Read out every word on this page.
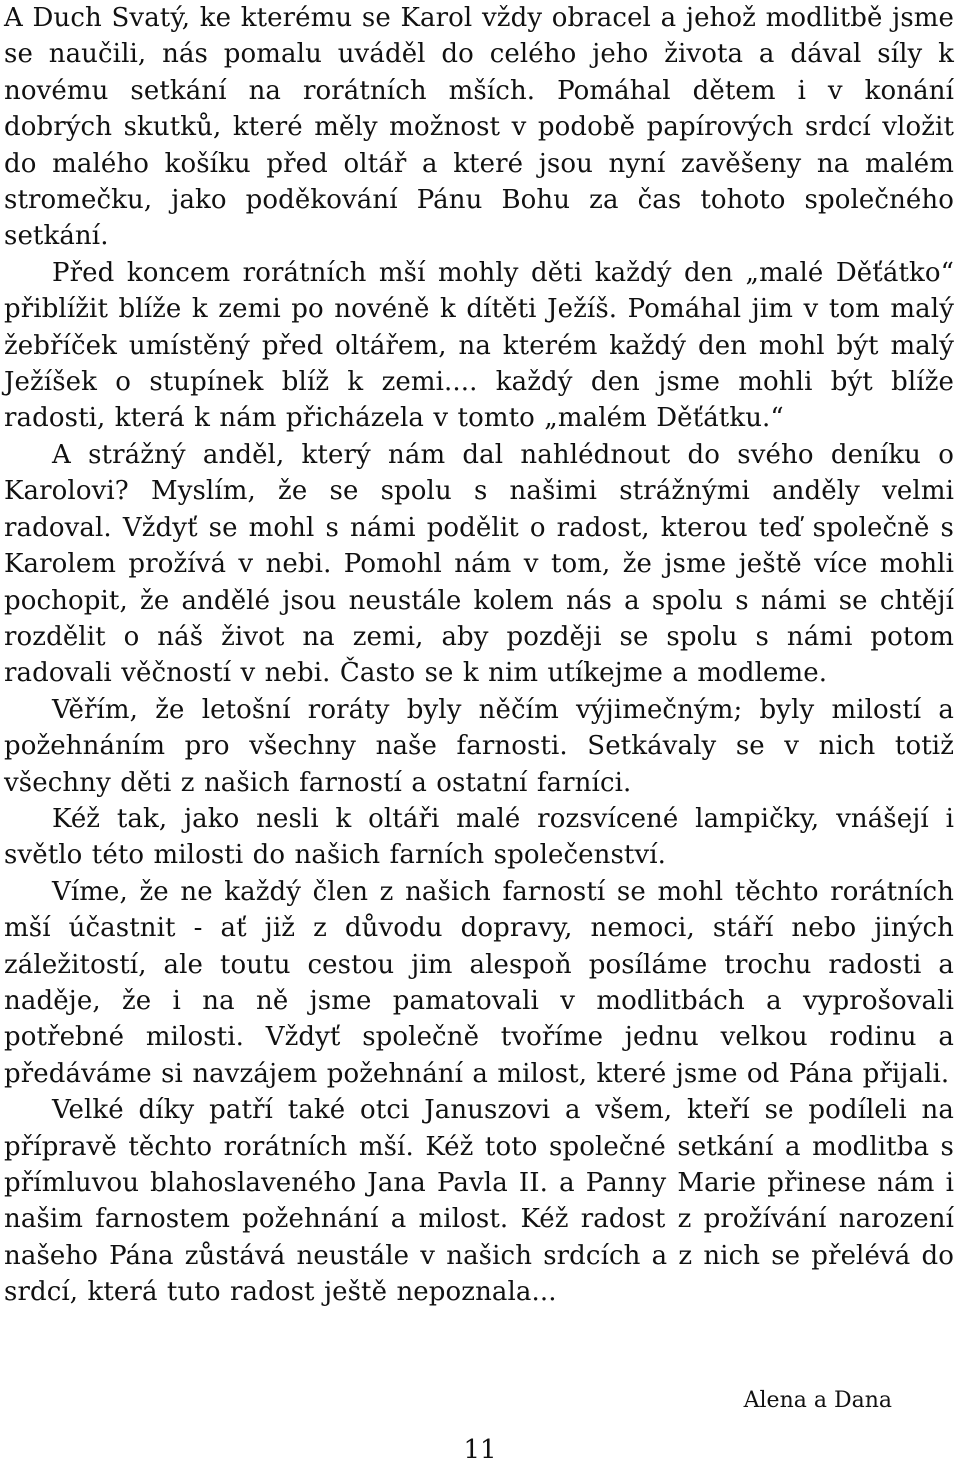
A Duch Svatý, ke kterému se Karol vždy obracel a jehož modlitbě jsme se naučili, nás pomalu uváděl do celého jeho života a dával síly k novému setkání na rorátních mších. Pomáhal dětem i v konání dobrých skutků, které měly možnost v podobě papírových srdcí vložit do malého košíku před oltář a které jsou nyní zavěšeny na malém stromečku, jako poděkování Pánu Bohu za čas tohoto společného setkání.

Před koncem rorátních mší mohly děti každý den „malé Děťátko“ přiblížit blíže k zemi po novéně k dítěti Ježíš. Pomáhal jim v tom malý žebříček umístěný před oltářem, na kterém každý den mohl být malý Ježíšek o stupínek blíž k zemi.... každý den jsme mohli být blíže radosti, která k nám přicházela v tomto „malém Děťátku.“

A strážný anděl, který nám dal nahlédnout do svého deníku o Karolovi? Myslím, že se spolu s našimi strážnými anděly velmi radoval. Vždyť se mohl s námi podělit o radost, kterou teď společně s Karolem prožívá v nebi. Pomohl nám v tom, že jsme ještě více mohli pochopit, že andělé jsou neustále kolem nás a spolu s námi se chtějí rozdělit o náš život na zemi, aby později se spolu s námi potom radovali věčností v nebi. Často se k nim utíkejme a modleme.

Věřím, že letošní roráty byly něčím výjimečným; byly milostí a požehnáním pro všechny naše farnosti. Setkávaly se v nich totiž všechny děti z našich farností a ostatní farníci.

Kéž tak, jako nesli k oltáři malé rozsvícené lampičky, vnášejí i světlo této milosti do našich farních společenství.

Víme, že ne každý člen z našich farností se mohl těchto rorátních mší účastnit - ať již z důvodu dopravy, nemoci, stáří nebo jiných záležitostí, ale toutu cestou jim alespoň posíláme trochu radosti a naděje, že i na ně jsme pamatovali v modlitbách a vyprošovali potřebné milosti. Vždyť společně tvoříme jednu velkou rodinu a předáváme si navzájem požehnání a milost, které jsme od Pána přijali.

Velké díky patří také otci Januszovi a všem, kteří se podíleli na přípravě těchto rorátních mší. Kéž toto společné setkání a modlitba s přímluvou blahoslaveného Jana Pavla II. a Panny Marie přinese nám i našim farnostem požehnání a milost. Kéž radost z prožívání narození našeho Pána zůstává neustále v našich srdcích a z nich se přelévá do srdcí, která tuto radost ještě nepoznala...

Alena a Dana
11
